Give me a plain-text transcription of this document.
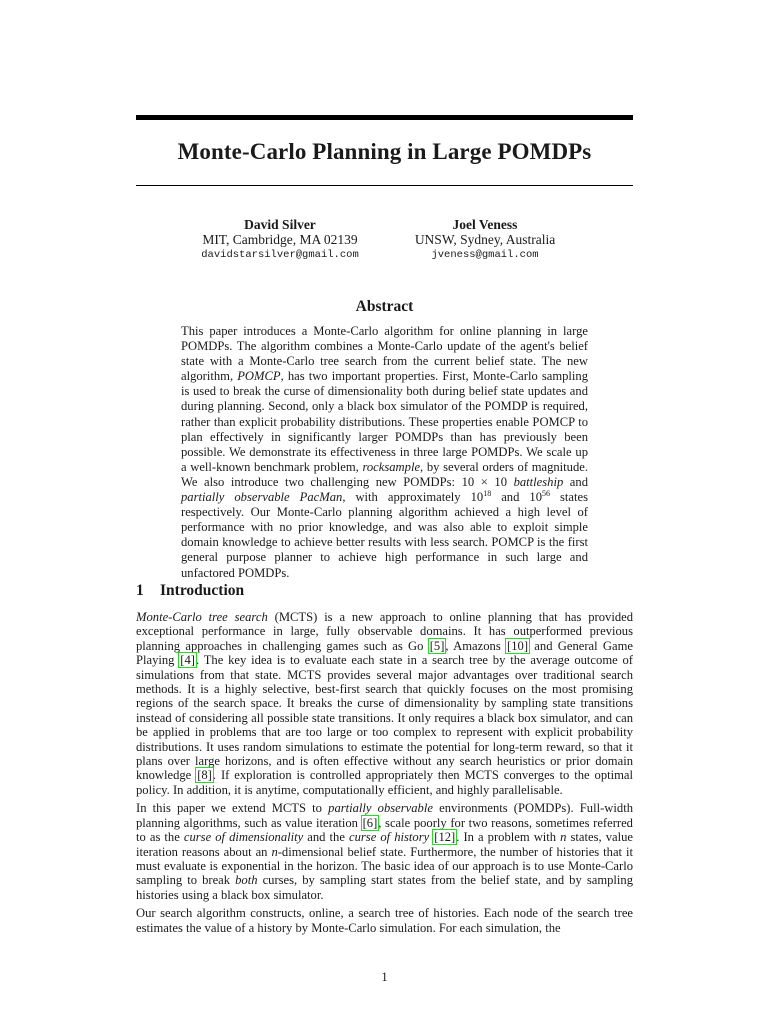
Monte-Carlo Planning in Large POMDPs
David Silver
MIT, Cambridge, MA 02139
davidstarsilver@gmail.com
Joel Veness
UNSW, Sydney, Australia
jveness@gmail.com
Abstract
This paper introduces a Monte-Carlo algorithm for online planning in large POMDPs. The algorithm combines a Monte-Carlo update of the agent's belief state with a Monte-Carlo tree search from the current belief state. The new algorithm, POMCP, has two important properties. First, Monte-Carlo sampling is used to break the curse of dimensionality both during belief state updates and during planning. Second, only a black box simulator of the POMDP is required, rather than explicit probability distributions. These properties enable POMCP to plan effectively in significantly larger POMDPs than has previously been possible. We demonstrate its effectiveness in three large POMDPs. We scale up a well-known benchmark problem, rocksample, by several orders of magnitude. We also introduce two challenging new POMDPs: 10 × 10 battleship and partially observable PacMan, with approximately $10^{18}$ and $10^{56}$ states respectively. Our Monte-Carlo planning algorithm achieved a high level of performance with no prior knowledge, and was also able to exploit simple domain knowledge to achieve better results with less search. POMCP is the first general purpose planner to achieve high performance in such large and unfactored POMDPs.
1 Introduction

Monte-Carlo tree search (MCTS) is a new approach to online planning that has provided exceptional performance in large, fully observable domains. It has outperformed previous planning approaches in challenging games such as Go [5], Amazons [10] and General Game Playing [4]. The key idea is to evaluate each state in a search tree by the average outcome of simulations from that state. MCTS provides several major advantages over traditional search methods. It is a highly selective, best-first search that quickly focuses on the most promising regions of the search space. It breaks the curse of dimensionality by sampling state transitions instead of considering all possible state transitions. It only requires a black box simulator, and can be applied in problems that are too large or too complex to represent with explicit probability distributions. It uses random simulations to estimate the potential for long-term reward, so that it plans over large horizons, and is often effective without any search heuristics or prior domain knowledge [8]. If exploration is controlled appropriately then MCTS converges to the optimal policy. In addition, it is anytime, computationally efficient, and highly parallelisable.

In this paper we extend MCTS to partially observable environments (POMDPs). Full-width planning algorithms, such as value iteration [6], scale poorly for two reasons, sometimes referred to as the curse of dimensionality and the curse of history [12]. In a problem with n states, value iteration reasons about an n-dimensional belief state. Furthermore, the number of histories that it must evaluate is exponential in the horizon. The basic idea of our approach is to use Monte-Carlo sampling to break both curses, by sampling start states from the belief state, and by sampling histories using a black box simulator.

Our search algorithm constructs, online, a search tree of histories. Each node of the search tree estimates the value of a history by Monte-Carlo simulation. For each simulation, the

1
